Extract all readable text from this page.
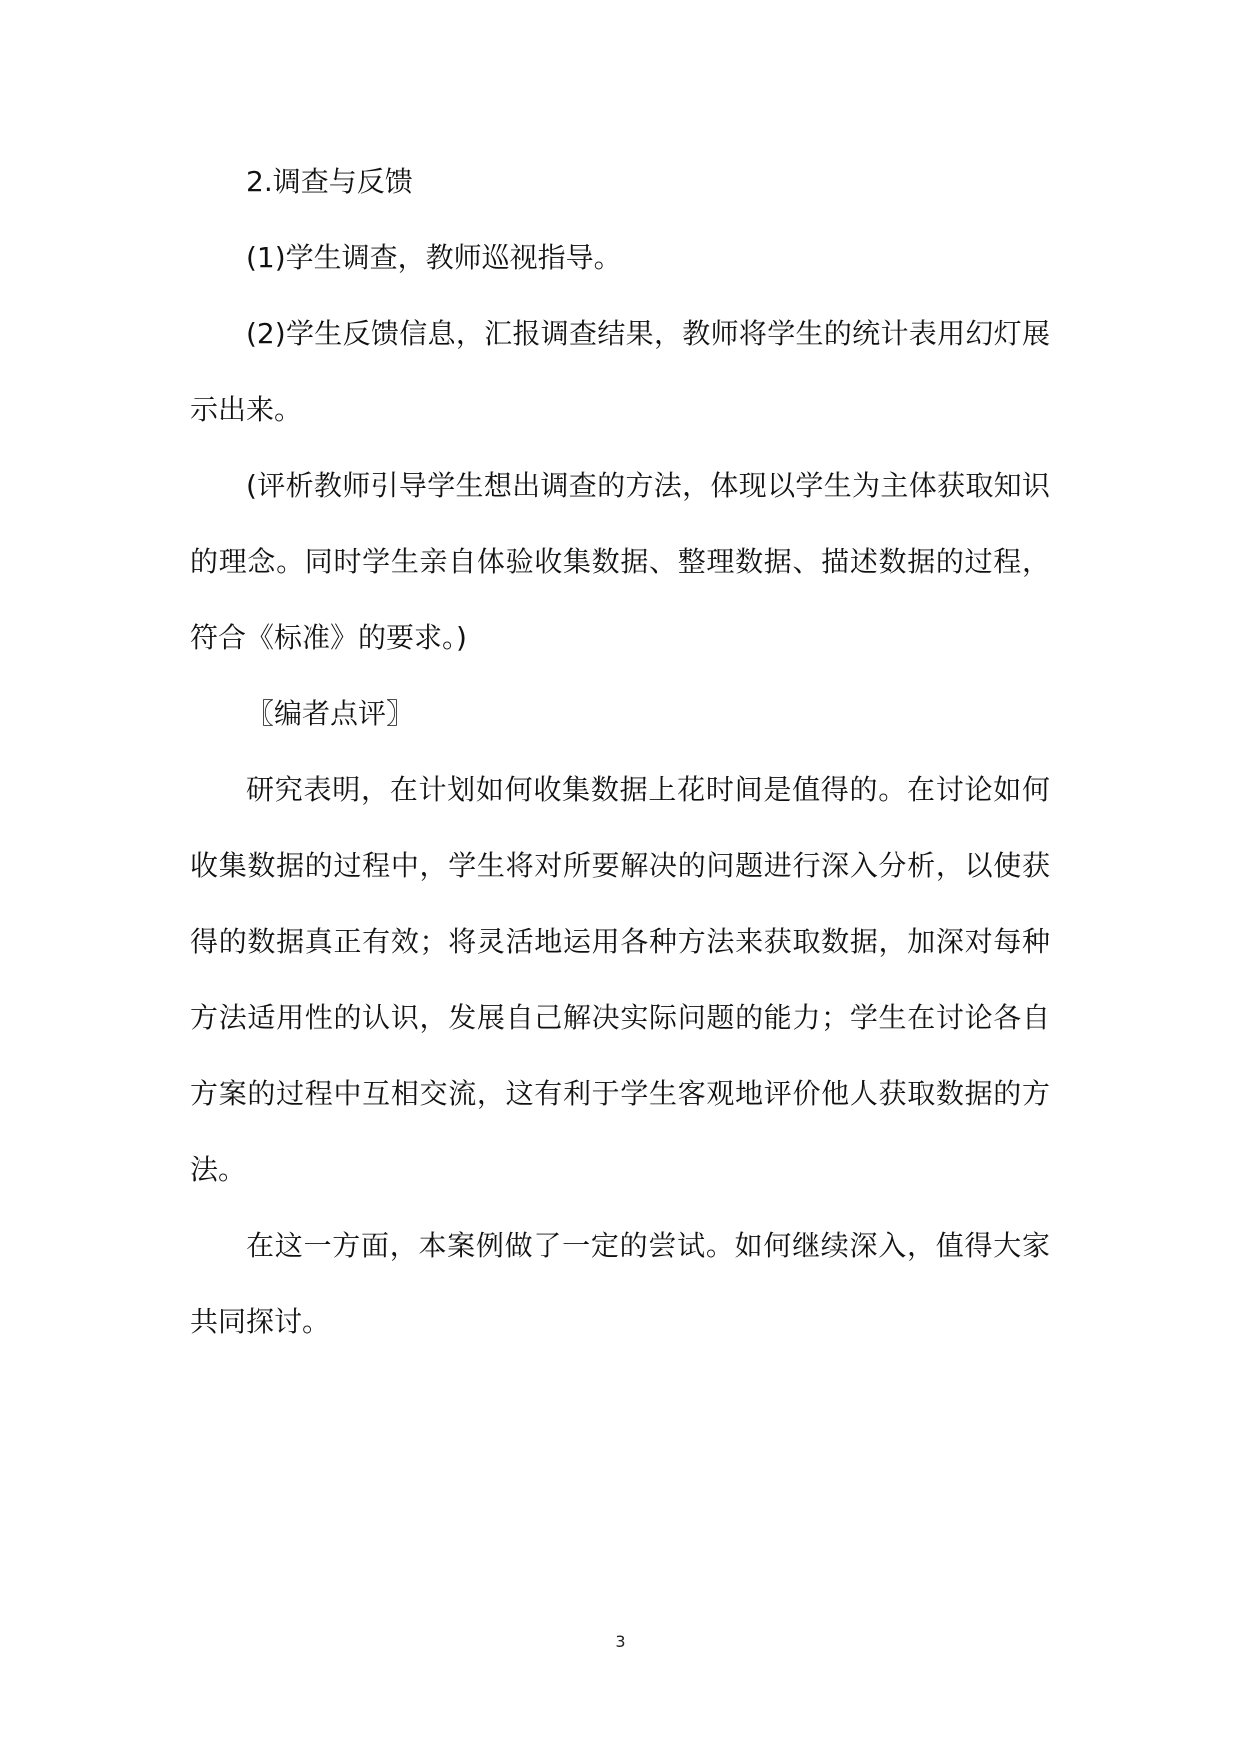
2.调查与反馈

(1)学生调查，教师巡视指导。

(2)学生反馈信息，汇报调查结果，教师将学生的统计表用幻灯展示出来。

(评析教师引导学生想出调查的方法，体现以学生为主体获取知识的理念。同时学生亲自体验收集数据、整理数据、描述数据的过程，符合《标准》的要求。)

〖编者点评〗

研究表明，在计划如何收集数据上花时间是值得的。在讨论如何收集数据的过程中，学生将对所要解决的问题进行深入分析，以使获得的数据真正有效；将灵活地运用各种方法来获取数据，加深对每种方法适用性的认识，发展自己解决实际问题的能力；学生在讨论各自方案的过程中互相交流，这有利于学生客观地评价他人获取数据的方法。

在这一方面，本案例做了一定的尝试。如何继续深入，值得大家共同探讨。

3
